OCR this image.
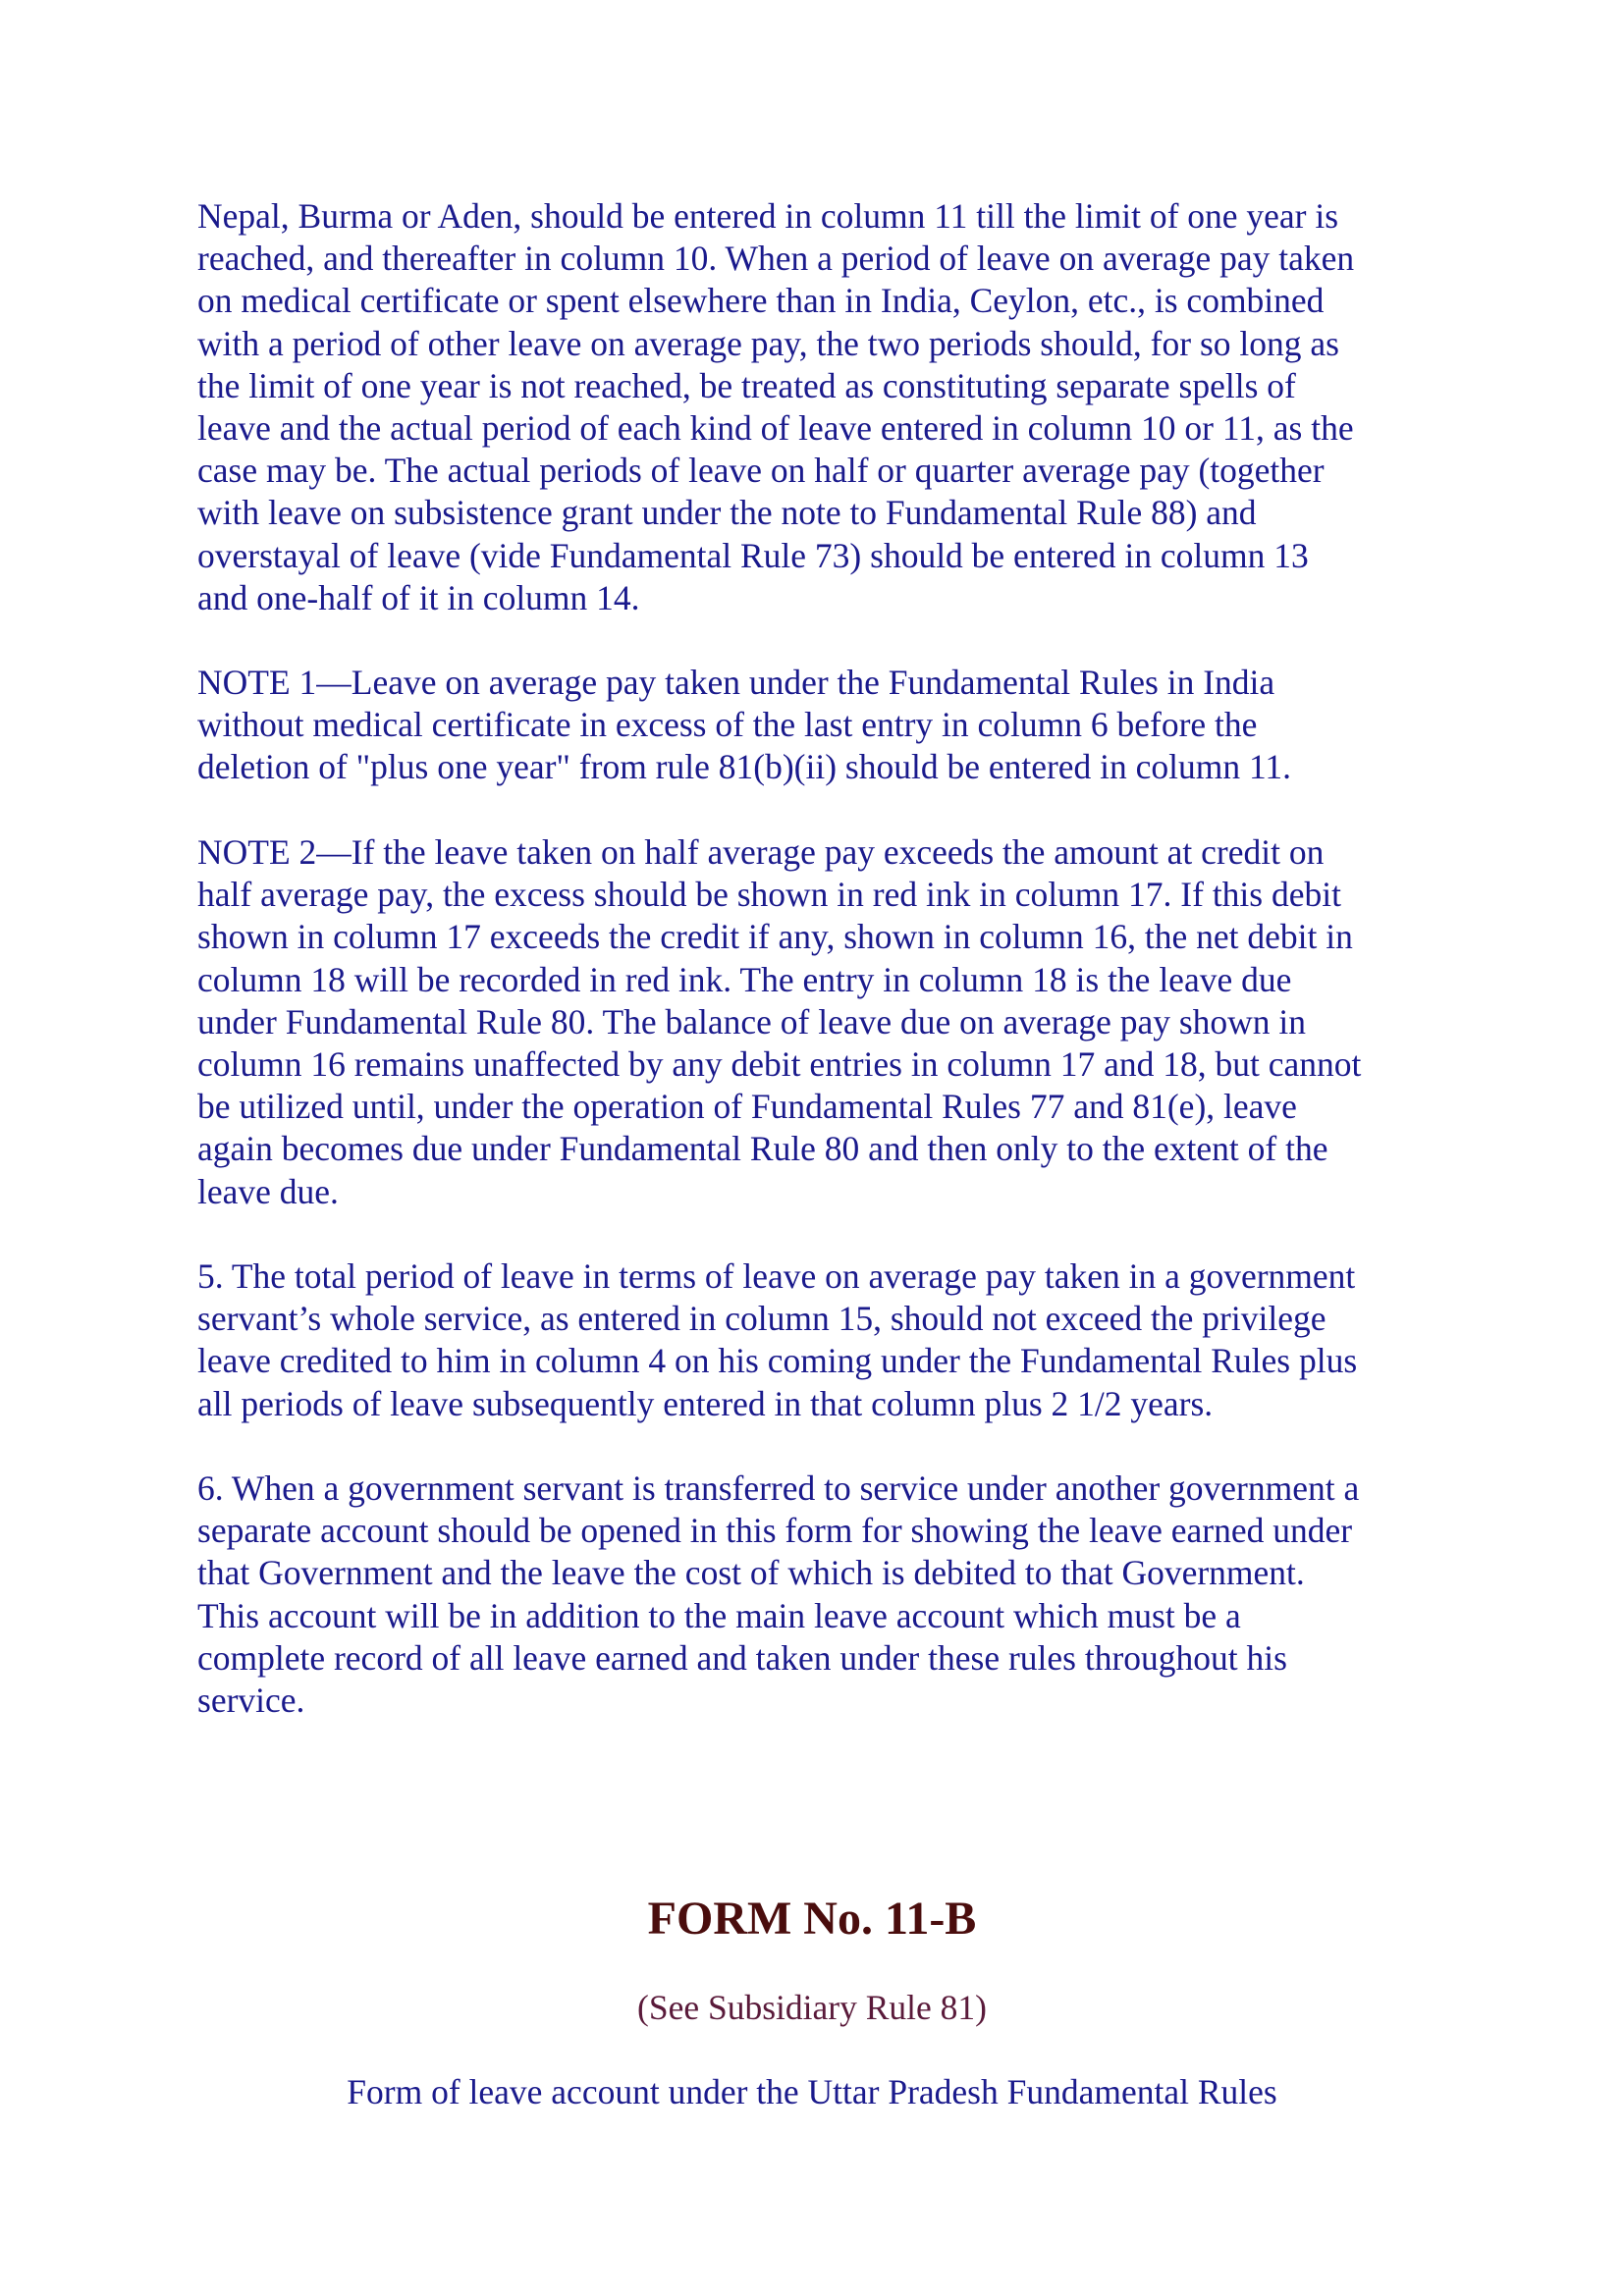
Nepal, Burma or Aden, should be entered in column 11 till the limit of one year is
reached, and thereafter in column 10. When a period of leave on average pay taken
on medical certificate or spent elsewhere than in India, Ceylon, etc., is combined
with a period of other leave on average pay, the two periods should, for so long as
the limit of one year is not reached, be treated as constituting separate spells of
leave and the actual period of each kind of leave entered in column 10 or 11, as the
case may be. The actual periods of leave on half or quarter average pay (together
with leave on subsistence grant under the note to Fundamental Rule 88) and
overstayal of leave (vide Fundamental Rule 73) should be entered in column 13
and one-half of it in column 14.

NOTE 1—Leave on average pay taken under the Fundamental Rules in India
without medical certificate in excess of the last entry in column 6 before the
deletion of "plus one year" from rule 81(b)(ii) should be entered in column 11.

NOTE 2—If the leave taken on half average pay exceeds the amount at credit on
half average pay, the excess should be shown in red ink in column 17. If this debit
shown in column 17 exceeds the credit if any, shown in column 16, the net debit in
column 18 will be recorded in red ink. The entry in column 18 is the leave due
under Fundamental Rule 80. The balance of leave due on average pay shown in
column 16 remains unaffected by any debit entries in column 17 and 18, but cannot
be utilized until, under the operation of Fundamental Rules 77 and 81(e), leave
again becomes due under Fundamental Rule 80 and then only to the extent of the
leave due.

5. The total period of leave in terms of leave on average pay taken in a government
servant’s whole service, as entered in column 15, should not exceed the privilege
leave credited to him in column 4 on his coming under the Fundamental Rules plus
all periods of leave subsequently entered in that column plus 2 1/2 years.

6. When a government servant is transferred to service under another government a
separate account should be opened in this form for showing the leave earned under
that Government and the leave the cost of which is debited to that Government.
This account will be in addition to the main leave account which must be a
complete record of all leave earned and taken under these rules throughout his
service.

FORM No. 11-B

(See Subsidiary Rule 81)

Form of leave account under the Uttar Pradesh Fundamental Rules
